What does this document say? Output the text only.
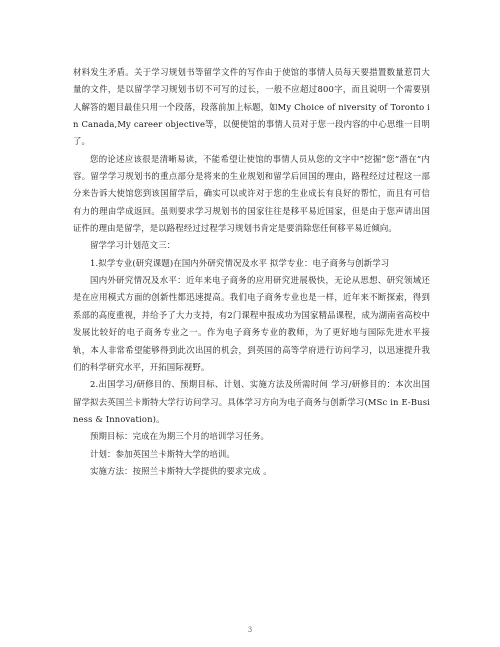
材料发生矛盾。关于学习规划书等留学文件的写作由于使馆的事情人员每天要措置数量惹罚大量的文件，是以留学学习规划书切不可写的过长，一般不应超过800字，而且说明一个需要别人解答的题目最佳只用一个段落，段落前加上标题，如My Choice of niversity of Toronto in Canada,My career objective等，以便使馆的事情人员对于您一段内容的中心思维一目明了。

您的论述应该很是清晰易读，不能希望让使馆的事情人员从您的文字中”挖掘”您”潜在”内容。留学学习规划书的重点部分是将来的生业规划和留学后回国的理由，路程经过过程这一部分来告诉大使馆您到该国留学后，确实可以或许对于您的生业成长有良好的帮忙，而且有可信有力的理由学成返回。虽则要求学习规划书的国家往往是移平易近国家，但是由于您声请出国证件的理由是留学，是以路程经过过程学习规划书肯定是要消除您任何移平易近倾向。

留学学习计划范文三：

1.拟学专业(研究课题)在国内外研究情况及水平 拟学专业：电子商务与创新学习

国内外研究情况及水平：近年来电子商务的应用研究进展极快，无论从思想、研究领域还是在应用模式方面的创新性都迅速提高。我们电子商务专业也是一样，近年来不断探索，得到系部的高度重视，并给予了大力支持，有2门课程申报成功为国家精品课程，成为湖南省高校中发展比较好的电子商务专业之一。作为电子商务专业的教师，为了更好地与国际先进水平接轨，本人非常希望能够得到此次出国的机会，到英国的高等学府进行访问学习，以迅速提升我们的科学研究水平，开拓国际视野。

2.出国学习/研修目的、预期目标、计划、实施方法及所需时间 学习/研修目的：本次出国留学拟去英国兰卡斯特大学行访问学习。具体学习方向为电子商务与创新学习(MSc in E-Business & Innovation)。

预期目标：完成在为期三个月的培训学习任务。

计划：参加英国兰卡斯特大学的培训。

实施方法：按照兰卡斯特大学提供的要求完成 。

3
